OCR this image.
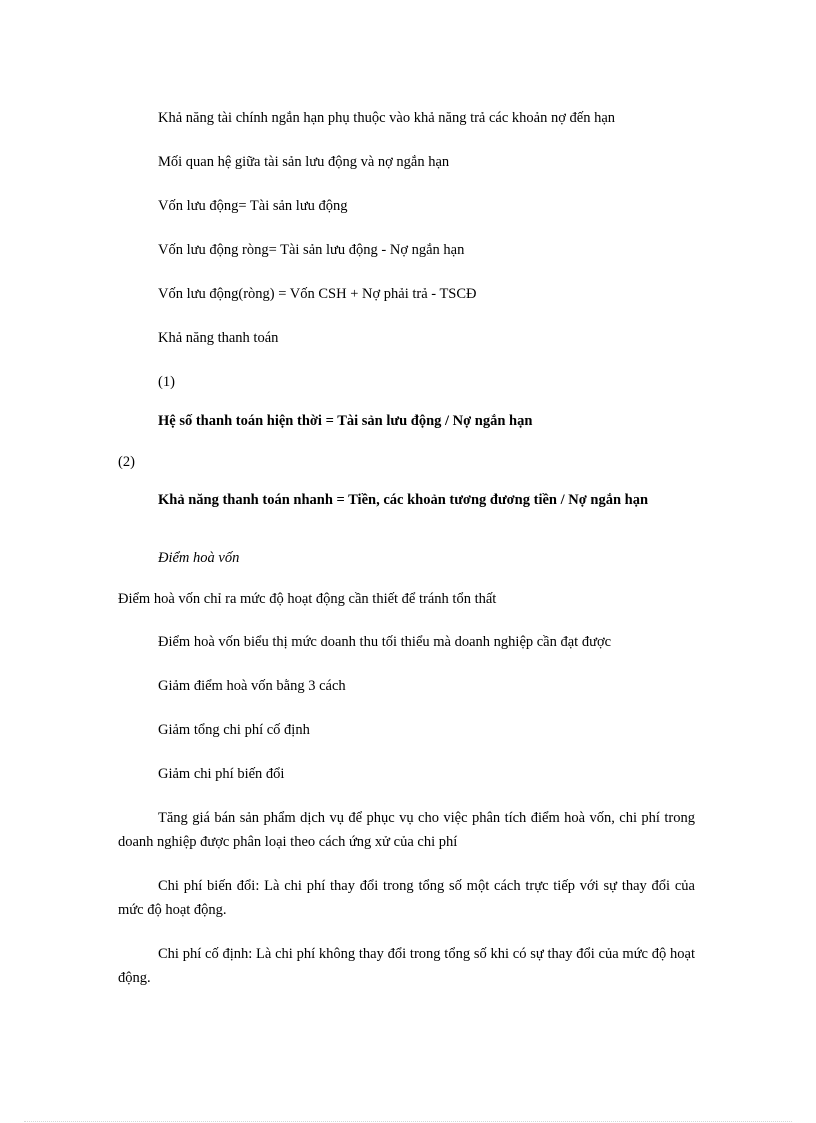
Khả năng tài chính ngắn hạn phụ thuộc vào khả năng trả các khoản nợ đến hạn
Mối quan hệ giữa tài sản lưu động và nợ ngắn hạn
Vốn lưu động= Tài sản lưu động
Vốn lưu động ròng= Tài sản lưu động - Nợ ngắn hạn
Vốn lưu động(ròng) = Vốn CSH + Nợ phải trả - TSCĐ
Khả năng thanh toán
(1)
Hệ số thanh toán hiện thời = Tài sản lưu động / Nợ ngắn hạn
(2)
Khả năng thanh toán nhanh = Tiền, các khoản tương đương tiền / Nợ ngắn hạn
Điểm hoà vốn
Điểm hoà vốn chỉ ra mức độ hoạt động cần thiết để tránh tổn thất
Điểm hoà vốn biểu thị mức doanh thu tối thiểu mà doanh nghiệp cần đạt được
Giảm điểm hoà vốn bằng 3 cách
Giảm tổng chi phí cố định
Giảm chi phí biến đổi
Tăng giá bán sản phẩm dịch vụ để phục vụ cho việc phân tích điểm hoà vốn, chi phí trong doanh nghiệp được phân loại theo cách ứng xử của chi phí
Chi phí biến đổi: Là chi phí thay đổi trong tổng số một cách trực tiếp với sự thay đổi của mức độ hoạt động.
Chi phí cố định: Là chi phí không thay đổi trong tổng số khi có sự thay đổi của mức độ hoạt động.
